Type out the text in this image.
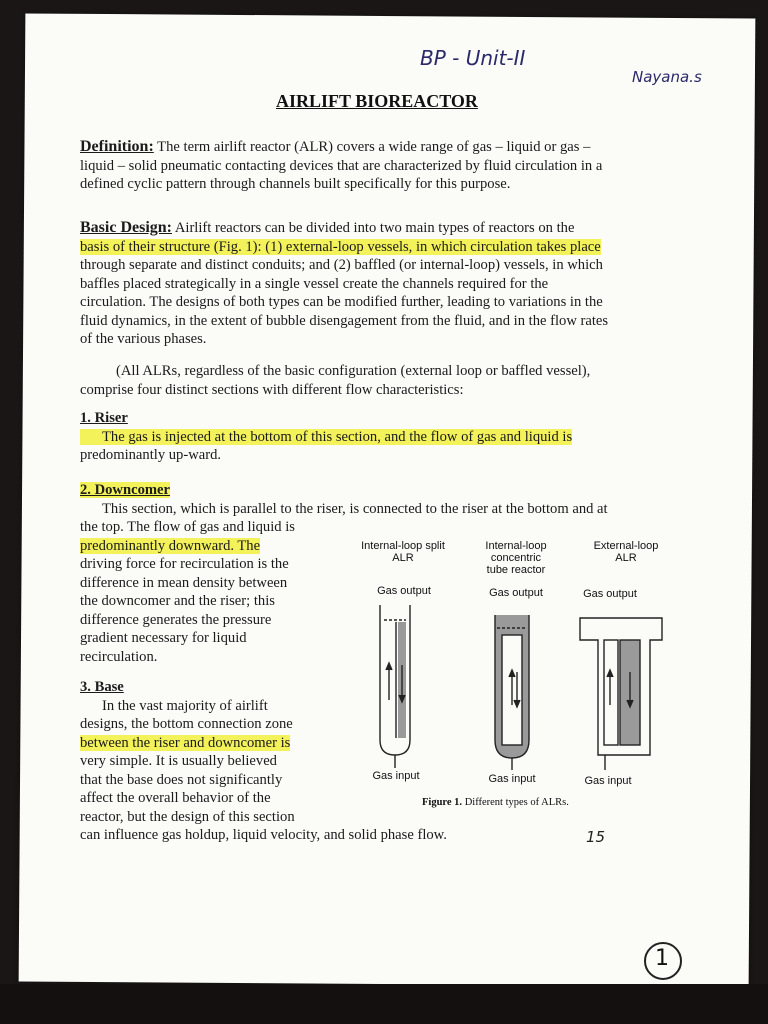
BP - Unit-II
Nayana.s
15
1
AIRLIFT BIOREACTOR
Definition: The term airlift reactor (ALR) covers a wide range of gas – liquid or gas –
liquid – solid pneumatic contacting devices that are characterized by fluid circulation in a
defined cyclic pattern through channels built specifically for this purpose.
Basic Design: Airlift reactors can be divided into two main types of reactors on the
basis of their structure (Fig. 1): (1) external-loop vessels, in which circulation takes place
through separate and distinct conduits; and (2) baffled (or internal-loop) vessels, in which
baffles placed strategically in a single vessel create the channels required for the
circulation. The designs of both types can be modified further, leading to variations in the
fluid dynamics, in the extent of bubble disengagement from the fluid, and in the flow rates
of the various phases.
(All ALRs, regardless of the basic configuration (external loop or baffled vessel),
comprise four distinct sections with different flow characteristics:
1. Riser
The gas is injected at the bottom of this section, and the flow of gas and liquid is
predominantly up-ward.
2. Downcomer
This section, which is parallel to the riser, is connected to the riser at the bottom and at
the top. The flow of gas and liquid is
predominantly downward. The
driving force for recirculation is the
difference in mean density between
the downcomer and the riser; this
difference generates the pressure
gradient necessary for liquid
recirculation.
3. Base
In the vast majority of airlift
designs, the bottom connection zone
between the riser and downcomer is
very simple. It is usually believed
that the base does not significantly
affect the overall behavior of the
reactor, but the design of this section
can influence gas holdup, liquid velocity, and solid phase flow.
Internal-loop split
ALR
Internal-loop
concentric
tube reactor
External-loop
ALR
Gas output	Gas output	Gas output
Gas input	Gas input	Gas input
Figure 1. Different types of ALRs.
